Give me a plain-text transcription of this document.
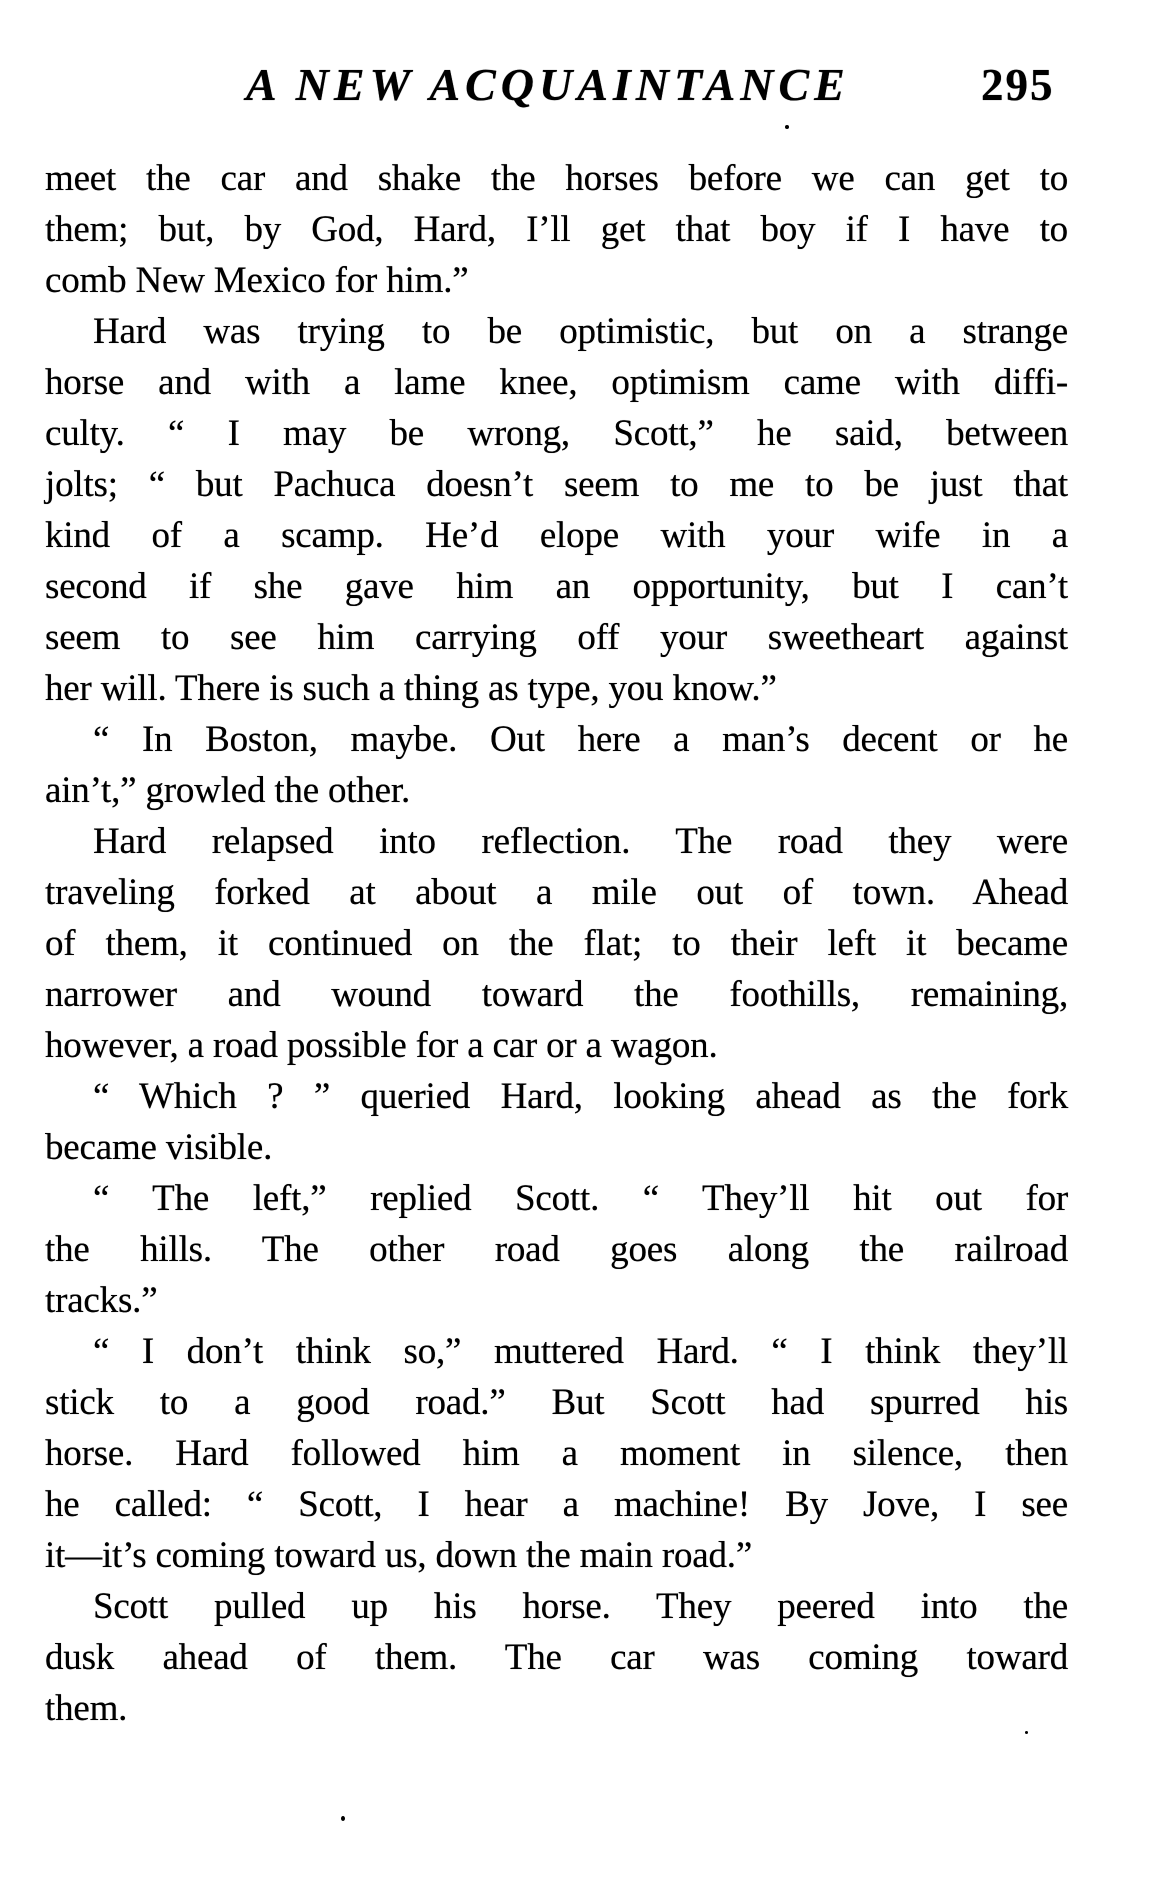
A NEW ACQUAINTANCE	295
meet the car and shake the horses before we can get to
them; but, by God, Hard, I’ll get that boy if I have to
comb New Mexico for him.”
Hard was trying to be optimistic, but on a strange
horse and with a lame knee, optimism came with diffi-
culty. “ I may be wrong, Scott,” he said, between
jolts; “ but Pachuca doesn’t seem to me to be just that
kind of a scamp. He’d elope with your wife in a
second if she gave him an opportunity, but I can’t
seem to see him carrying off your sweetheart against
her will. There is such a thing as type, you know.”
“ In Boston, maybe. Out here a man’s decent or he
ain’t,” growled the other.
Hard relapsed into reflection. The road they were
traveling forked at about a mile out of town. Ahead
of them, it continued on the flat; to their left it became
narrower and wound toward the foothills, remaining,
however, a road possible for a car or a wagon.
“ Which ? ” queried Hard, looking ahead as the fork
became visible.
“ The left,” replied Scott. “ They’ll hit out for
the hills. The other road goes along the railroad
tracks.”
“ I don’t think so,” muttered Hard. “ I think they’ll
stick to a good road.” But Scott had spurred his
horse. Hard followed him a moment in silence, then
he called: “ Scott, I hear a machine! By Jove, I see
it—it’s coming toward us, down the main road.”
Scott pulled up his horse. They peered into the
dusk ahead of them. The car was coming toward
them.
